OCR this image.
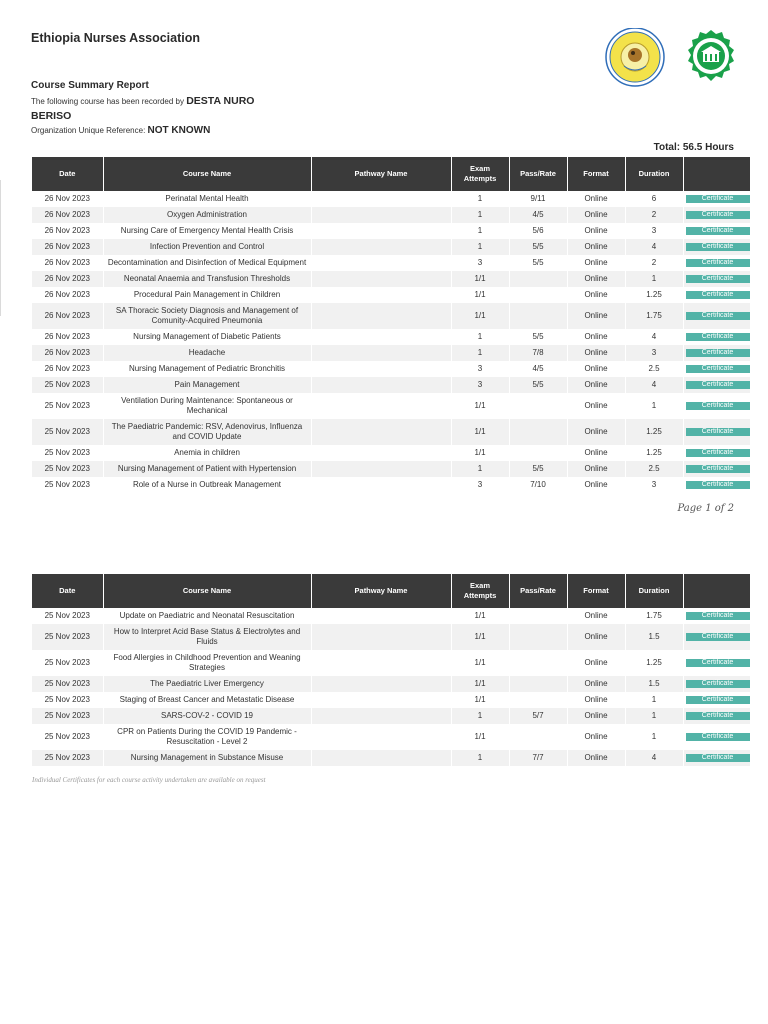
Ethiopia Nurses Association
Course Summary Report
The following course has been recorded by DESTA NURO BERISO
Organization Unique Reference: NOT KNOWN
Total: 56.5 Hours
Date	Course Name	Pathway Name	Exam Attempts	Pass/Rate	Format	Duration	
26 Nov 2023	Perinatal Mental Health		1	9/11	Online	6	Certificate
26 Nov 2023	Oxygen Administration		1	4/5	Online	2	Certificate
26 Nov 2023	Nursing Care of Emergency Mental Health Crisis		1	5/6	Online	3	Certificate
26 Nov 2023	Infection Prevention and Control		1	5/5	Online	4	Certificate
26 Nov 2023	Decontamination and Disinfection of Medical Equipment		3	5/5	Online	2	Certificate
26 Nov 2023	Neonatal Anaemia and Transfusion Thresholds		1/1		Online	1	Certificate
26 Nov 2023	Procedural Pain Management in Children		1/1		Online	1.25	Certificate
26 Nov 2023	SA Thoracic Society Diagnosis and Management of Comunity-Acquired Pneumonia		1/1		Online	1.75	Certificate
26 Nov 2023	Nursing Management of Diabetic Patients		1	5/5	Online	4	Certificate
26 Nov 2023	Headache		1	7/8	Online	3	Certificate
26 Nov 2023	Nursing Management of Pediatric Bronchitis		3	4/5	Online	2.5	Certificate
25 Nov 2023	Pain Management		3	5/5	Online	4	Certificate
25 Nov 2023	Ventilation During Maintenance: Spontaneous or Mechanical		1/1		Online	1	Certificate
25 Nov 2023	The Paediatric Pandemic: RSV, Adenovirus, Influenza and COVID Update		1/1		Online	1.25	Certificate
25 Nov 2023	Anemia in children		1/1		Online	1.25	Certificate
25 Nov 2023	Nursing Management of Patient with Hypertension		1	5/5	Online	2.5	Certificate
25 Nov 2023	Role of a Nurse in Outbreak Management		3	7/10	Online	3	Certificate
Page 1 of 2
Date	Course Name	Pathway Name	Exam Attempts	Pass/Rate	Format	Duration	
25 Nov 2023	Update on Paediatric and Neonatal Resuscitation		1/1		Online	1.75	Certificate
25 Nov 2023	How to Interpret Acid Base Status & Electrolytes and Fluids		1/1		Online	1.5	Certificate
25 Nov 2023	Food Allergies in Childhood Prevention and Weaning Strategies		1/1		Online	1.25	Certificate
25 Nov 2023	The Paediatric Liver Emergency		1/1		Online	1.5	Certificate
25 Nov 2023	Staging of Breast Cancer and Metastatic Disease		1/1		Online	1	Certificate
25 Nov 2023	SARS-COV-2 - COVID 19		1	5/7	Online	1	Certificate
25 Nov 2023	CPR on Patients During the COVID 19 Pandemic - Resuscitation - Level 2		1/1		Online	1	Certificate
25 Nov 2023	Nursing Management in Substance Misuse		1	7/7	Online	4	Certificate
Individual Certificates for each course activity undertaken are available on request
